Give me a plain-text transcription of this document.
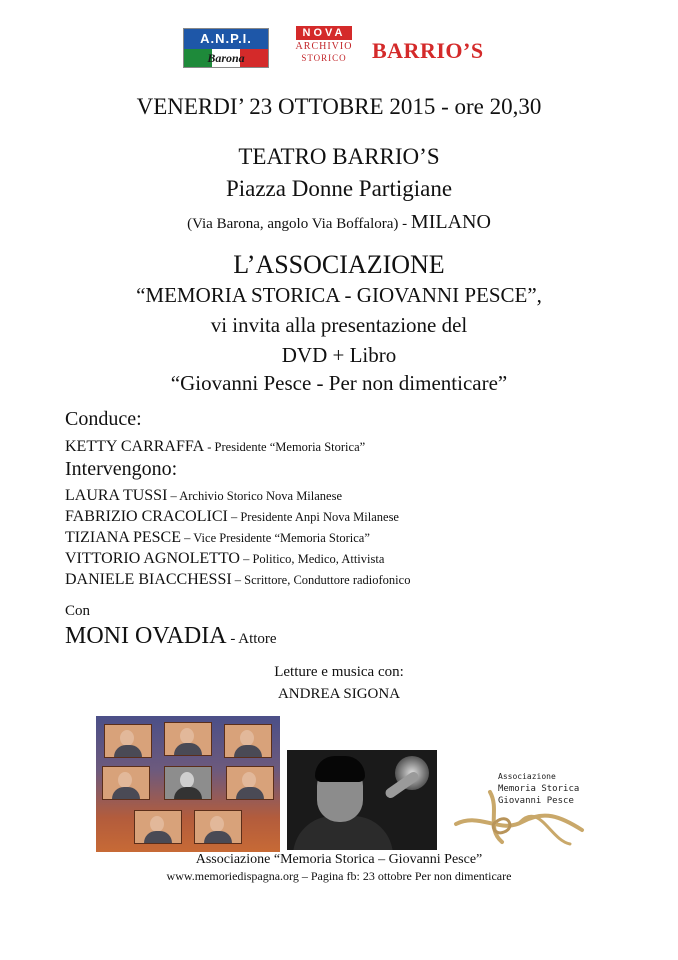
A.N.P.I.
Barona
NOVA
ARCHIVIO
STORICO	BARRIO’S
VENERDI’ 23 OTTOBRE 2015 - ore 20,30
TEATRO BARRIO’S
Piazza Donne Partigiane
(Via Barona, angolo Via Boffalora) - MILANO
L’ASSOCIAZIONE
“MEMORIA STORICA - GIOVANNI PESCE”,
vi invita alla presentazione del
DVD + Libro
“Giovanni Pesce - Per non dimenticare”
Conduce:
KETTY CARRAFFA - Presidente “Memoria Storica”
Intervengono:
LAURA TUSSI – Archivio Storico Nova Milanese
FABRIZIO CRACOLICI – Presidente Anpi Nova Milanese
TIZIANA PESCE – Vice Presidente “Memoria Storica”
VITTORIO AGNOLETTO – Politico, Medico, Attivista
DANIELE BIACCHESSI – Scrittore, Conduttore radiofonico
Con
MONI OVADIA - Attore
Letture e musica con:
ANDREA SIGONA
Associazione
Memoria Storica
Giovanni Pesce
Associazione “Memoria Storica – Giovanni Pesce”
www.memoriedispagna.org – Pagina fb: 23 ottobre Per non dimenticare
